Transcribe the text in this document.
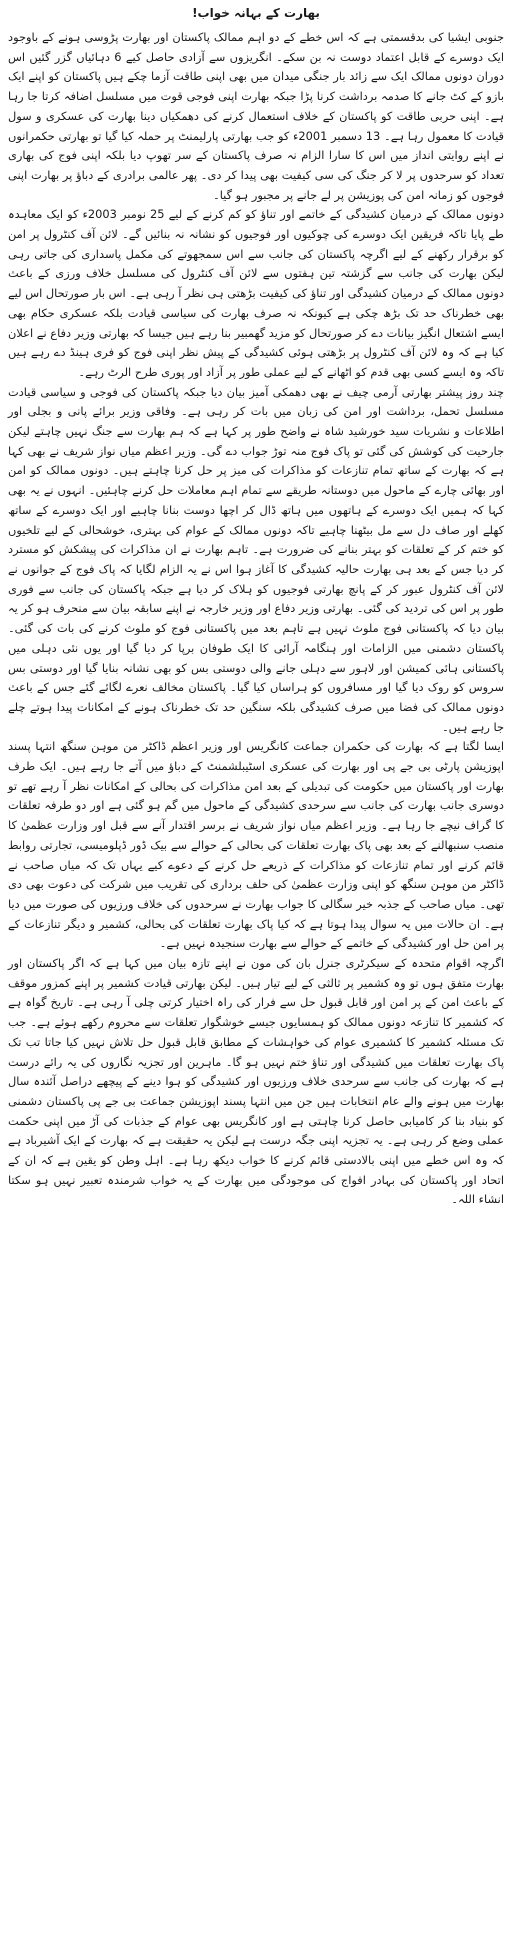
بھارت کے بہانہ خواب!

جنوبی ایشیا کی بدقسمتی ہے کہ اس خطے کے دو اہم ممالک پاکستان اور بھارت پڑوسی ہونے کے باوجود ایک دوسرے کے قابل اعتماد دوست نہ بن سکے۔ انگریزوں سے آزادی حاصل کیے 6 دہائیاں گزر گئیں اس دوران دونوں ممالک ایک سے زائد بار جنگی میدان میں بھی اپنی طاقت آزما چکے ہیں پاکستان کو اپنے ایک بازو کے کٹ جانے کا صدمہ برداشت کرنا پڑا جبکہ بھارت اپنی فوجی قوت میں مسلسل اضافہ کرتا جا رہا ہے۔ اپنی حربی طاقت کو پاکستان کے خلاف استعمال کرنے کی دھمکیاں دینا بھارت کی عسکری و سول قیادت کا معمول رہا ہے۔ 13 دسمبر 2001ء کو جب بھارتی پارلیمنٹ پر حملہ کیا گیا تو بھارتی حکمرانوں نے اپنے روایتی انداز میں اس کا سارا الزام نہ صرف پاکستان کے سر تھوپ دیا بلکہ اپنی فوج کی بھاری تعداد کو سرحدوں پر لا کر جنگ کی سی کیفیت بھی پیدا کر دی۔ پھر عالمی برادری کے دباؤ پر بھارت اپنی فوجوں کو زمانہ امن کی پوزیشن پر لے جانے پر مجبور ہو گیا۔

دونوں ممالک کے درمیان کشیدگی کے خاتمے اور تناؤ کو کم کرنے کے لیے 25 نومبر 2003ء کو ایک معاہدہ طے پایا تاکہ فریقین ایک دوسرے کی چوکیوں اور فوجیوں کو نشانہ نہ بنائیں گے۔ لائن آف کنٹرول پر امن کو برقرار رکھنے کے لیے اگرچہ پاکستان کی جانب سے اس سمجھوتے کی مکمل پاسداری کی جاتی رہی لیکن بھارت کی جانب سے گزشتہ تین ہفتوں سے لائن آف کنٹرول کی مسلسل خلاف ورزی کے باعث دونوں ممالک کے درمیان کشیدگی اور تناؤ کی کیفیت بڑھتی ہی نظر آ رہی ہے۔ اس بار صورتحال اس لیے بھی خطرناک حد تک بڑھ چکی ہے کیونکہ نہ صرف بھارت کی سیاسی قیادت بلکہ عسکری حکام بھی ایسے اشتعال انگیز بیانات دے کر صورتحال کو مزید گھمبیر بنا رہے ہیں جیسا کہ بھارتی وزیر دفاع نے اعلان کیا ہے کہ وہ لائن آف کنٹرول پر بڑھتی ہوئی کشیدگی کے پیش نظر اپنی فوج کو فری ہینڈ دے رہے ہیں تاکہ وہ ایسے کسی بھی قدم کو اٹھانے کے لیے عملی طور پر آزاد اور پوری طرح الرٹ رہے۔

چند روز پیشتر بھارتی آرمی چیف نے بھی دھمکی آمیز بیان دیا جبکہ پاکستان کی فوجی و سیاسی قیادت مسلسل تحمل، برداشت اور امن کی زبان میں بات کر رہی ہے۔ وفاقی وزیر برائے پانی و بجلی اور اطلاعات و نشریات سید خورشید شاہ نے واضح طور پر کہا ہے کہ ہم بھارت سے جنگ نہیں چاہتے لیکن جارحیت کی کوشش کی گئی تو پاک فوج منہ توڑ جواب دے گی۔ وزیر اعظم میاں نواز شریف نے بھی کہا ہے کہ بھارت کے ساتھ تمام تنازعات کو مذاکرات کی میز پر حل کرنا چاہتے ہیں۔ دونوں ممالک کو امن اور بھائی چارے کے ماحول میں دوستانہ طریقے سے تمام اہم معاملات حل کرنے چاہئیں۔ انہوں نے یہ بھی کہا کہ ہمیں ایک دوسرے کے ہاتھوں میں ہاتھ ڈال کر اچھا دوست بنانا چاہیے اور ایک دوسرے کے ساتھ کھلے اور صاف دل سے مل بیٹھنا چاہیے تاکہ دونوں ممالک کے عوام کی بہتری، خوشحالی کے لیے تلخیوں کو ختم کر کے تعلقات کو بہتر بنانے کی ضرورت ہے۔ تاہم بھارت نے ان مذاکرات کی پیشکش کو مسترد کر دیا جس کے بعد ہی بھارت حالیہ کشیدگی کا آغاز ہوا اس نے یہ الزام لگایا کہ پاک فوج کے جوانوں نے لائن آف کنٹرول عبور کر کے پانچ بھارتی فوجیوں کو ہلاک کر دیا ہے جبکہ پاکستان کی جانب سے فوری طور پر اس کی تردید کی گئی۔ بھارتی وزیر دفاع اور وزیر خارجہ نے اپنے سابقہ بیان سے منحرف ہو کر یہ بیان دیا کہ پاکستانی فوج ملوث نہیں ہے تاہم بعد میں پاکستانی فوج کو ملوث کرنے کی بات کی گئی۔ پاکستان دشمنی میں الزامات اور ہنگامہ آرائی کا ایک طوفان برپا کر دیا گیا اور یوں نئی دہلی میں پاکستانی ہائی کمیشن اور لاہور سے دہلی جانے والی دوستی بس کو بھی نشانہ بنایا گیا اور دوستی بس سروس کو روک دیا گیا اور مسافروں کو ہراساں کیا گیا۔ پاکستان مخالف نعرے لگائے گئے جس کے باعث دونوں ممالک کی فضا میں صرف کشیدگی بلکہ سنگین حد تک خطرناک ہونے کے امکانات پیدا ہوتے چلے جا رہے ہیں۔

ایسا لگتا ہے کہ بھارت کی حکمران جماعت کانگریس اور وزیر اعظم ڈاکٹر من موہن سنگھ انتہا پسند اپوزیشن پارٹی بی جے پی اور بھارت کی عسکری اسٹیبلشمنٹ کے دباؤ میں آتے جا رہے ہیں۔ ایک طرف بھارت اور پاکستان میں حکومت کی تبدیلی کے بعد امن مذاکرات کی بحالی کے امکانات نظر آ رہے تھے تو دوسری جانب بھارت کی جانب سے سرحدی کشیدگی کے ماحول میں گم ہو گئی ہے اور دو طرفہ تعلقات کا گراف نیچے جا رہا ہے۔ وزیر اعظم میاں نواز شریف نے برسر اقتدار آنے سے قبل اور وزارت عظمیٰ کا منصب سنبھالنے کے بعد بھی پاک بھارت تعلقات کی بحالی کے حوالے سے بیک ڈور ڈپلومیسی، تجارتی روابط قائم کرنے اور تمام تنازعات کو مذاکرات کے ذریعے حل کرنے کے دعوے کیے یہاں تک کہ میاں صاحب نے ڈاکٹر من موہن سنگھ کو اپنی وزارت عظمیٰ کی حلف برداری کی تقریب میں شرکت کی دعوت بھی دی تھی۔ میاں صاحب کے جذبہ خیر سگالی کا جواب بھارت نے سرحدوں کی خلاف ورزیوں کی صورت میں دیا ہے۔ ان حالات میں یہ سوال پیدا ہوتا ہے کہ کیا پاک بھارت تعلقات کی بحالی، کشمیر و دیگر تنازعات کے پر امن حل اور کشیدگی کے خاتمے کے حوالے سے بھارت سنجیدہ نہیں ہے۔

اگرچہ اقوام متحدہ کے سیکرٹری جنرل بان کی مون نے اپنے تازہ بیان میں کہا ہے کہ اگر پاکستان اور بھارت متفق ہوں تو وہ کشمیر پر ثالثی کے لیے تیار ہیں۔ لیکن بھارتی قیادت کشمیر پر اپنے کمزور موقف کے باعث امن کے پر امن اور قابل قبول حل سے فرار کی راہ اختیار کرتی چلی آ رہی ہے۔ تاریخ گواہ ہے کہ کشمیر کا تنازعہ دونوں ممالک کو ہمسایوں جیسے خوشگوار تعلقات سے محروم رکھے ہوئے ہے۔ جب تک مسئلہ کشمیر کا کشمیری عوام کی خواہشات کے مطابق قابل قبول حل تلاش نہیں کیا جاتا تب تک پاک بھارت تعلقات میں کشیدگی اور تناؤ ختم نہیں ہو گا۔ ماہرین اور تجزیہ نگاروں کی یہ رائے درست ہے کہ بھارت کی جانب سے سرحدی خلاف ورزیوں اور کشیدگی کو ہوا دینے کے پیچھے دراصل آئندہ سال بھارت میں ہونے والے عام انتخابات ہیں جن میں انتہا پسند اپوزیشن جماعت بی جے پی پاکستان دشمنی کو بنیاد بنا کر کامیابی حاصل کرنا چاہتی ہے اور کانگریس بھی عوام کے جذبات کی آڑ میں اپنی حکمت عملی وضع کر رہی ہے۔ یہ تجزیہ اپنی جگہ درست ہے لیکن یہ حقیقت ہے کہ بھارت کے ایک آشیرباد ہے کہ وہ اس خطے میں اپنی بالادستی قائم کرنے کا خواب دیکھ رہا ہے۔ اہل وطن کو یقین ہے کہ ان کے اتحاد اور پاکستان کی بہادر افواج کی موجودگی میں بھارت کے یہ خواب شرمندہ تعبیر نہیں ہو سکتا انشاء اللہ۔
